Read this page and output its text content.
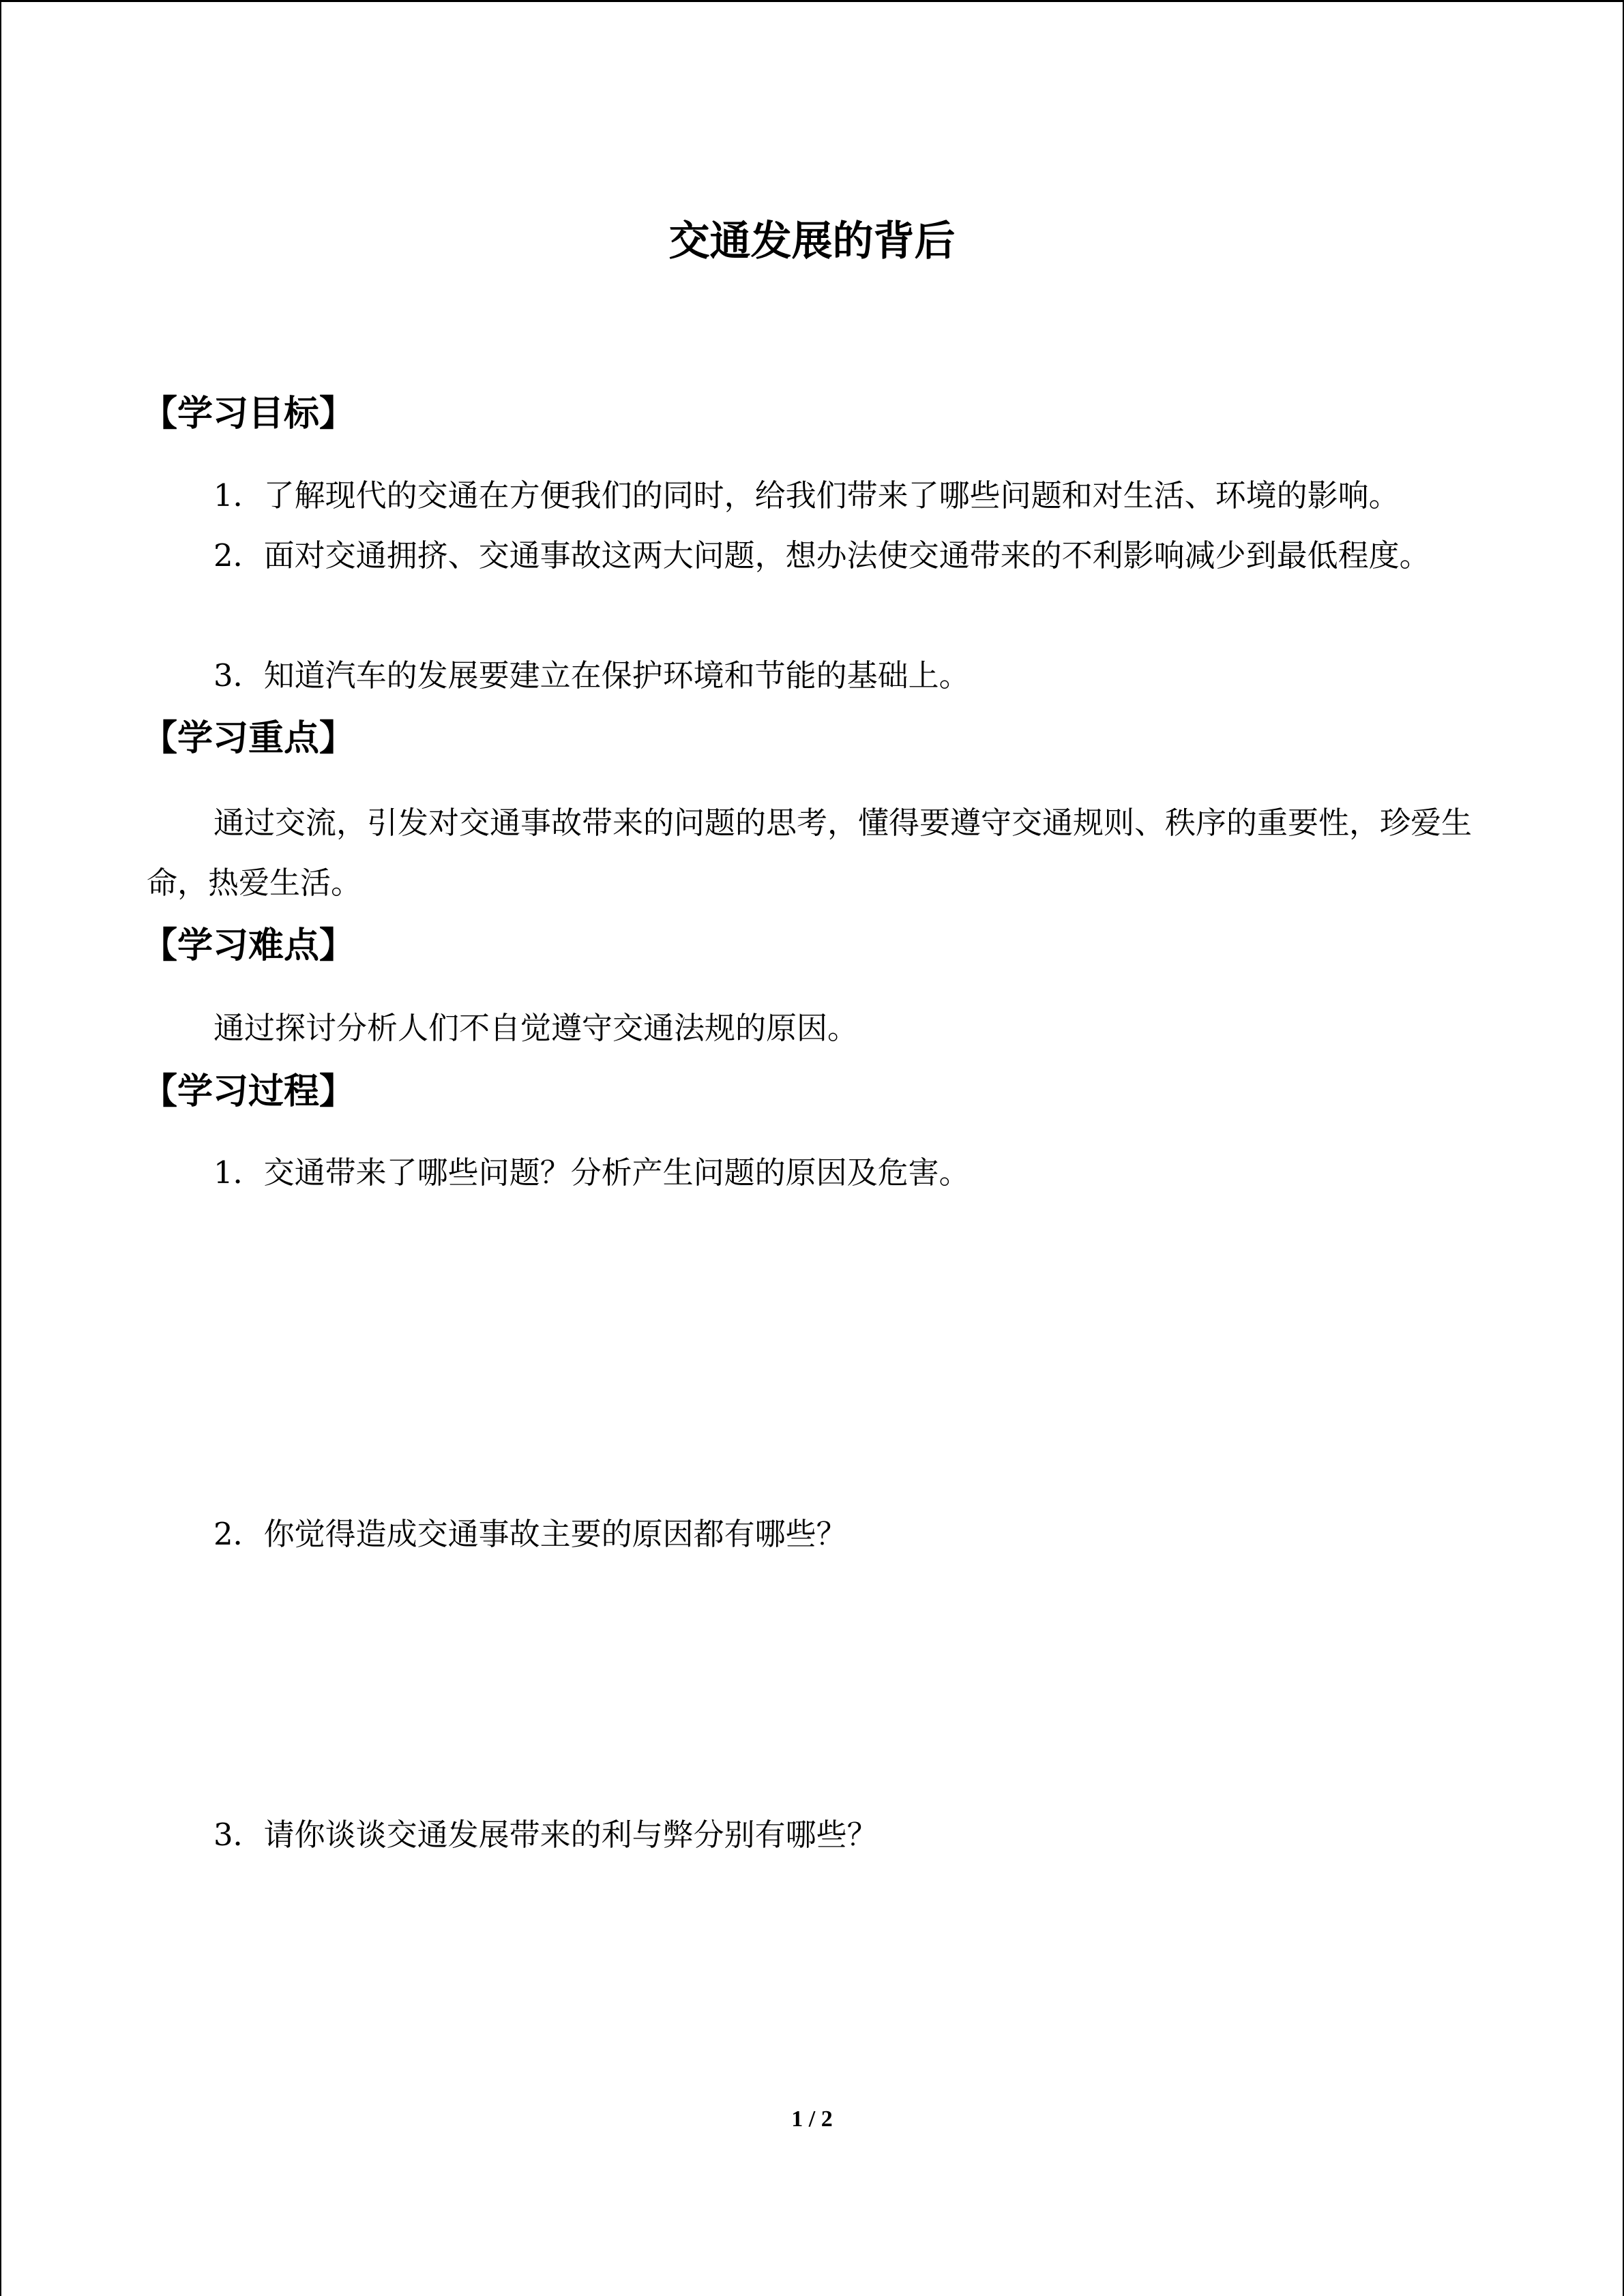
交通发展的背后
【学习目标】

1．了解现代的交通在方便我们的同时，给我们带来了哪些问题和对生活、环境的影响。

2．面对交通拥挤、交通事故这两大问题，想办法使交通带来的不利影响减少到最低程度。

3．知道汽车的发展要建立在保护环境和节能的基础上。

【学习重点】

通过交流，引发对交通事故带来的问题的思考，懂得要遵守交通规则、秩序的重要性，珍爱生命，热爱生活。

【学习难点】

通过探讨分析人们不自觉遵守交通法规的原因。

【学习过程】

1．交通带来了哪些问题？分析产生问题的原因及危害。

2．你觉得造成交通事故主要的原因都有哪些？

3．请你谈谈交通发展带来的利与弊分别有哪些？

1 / 2
